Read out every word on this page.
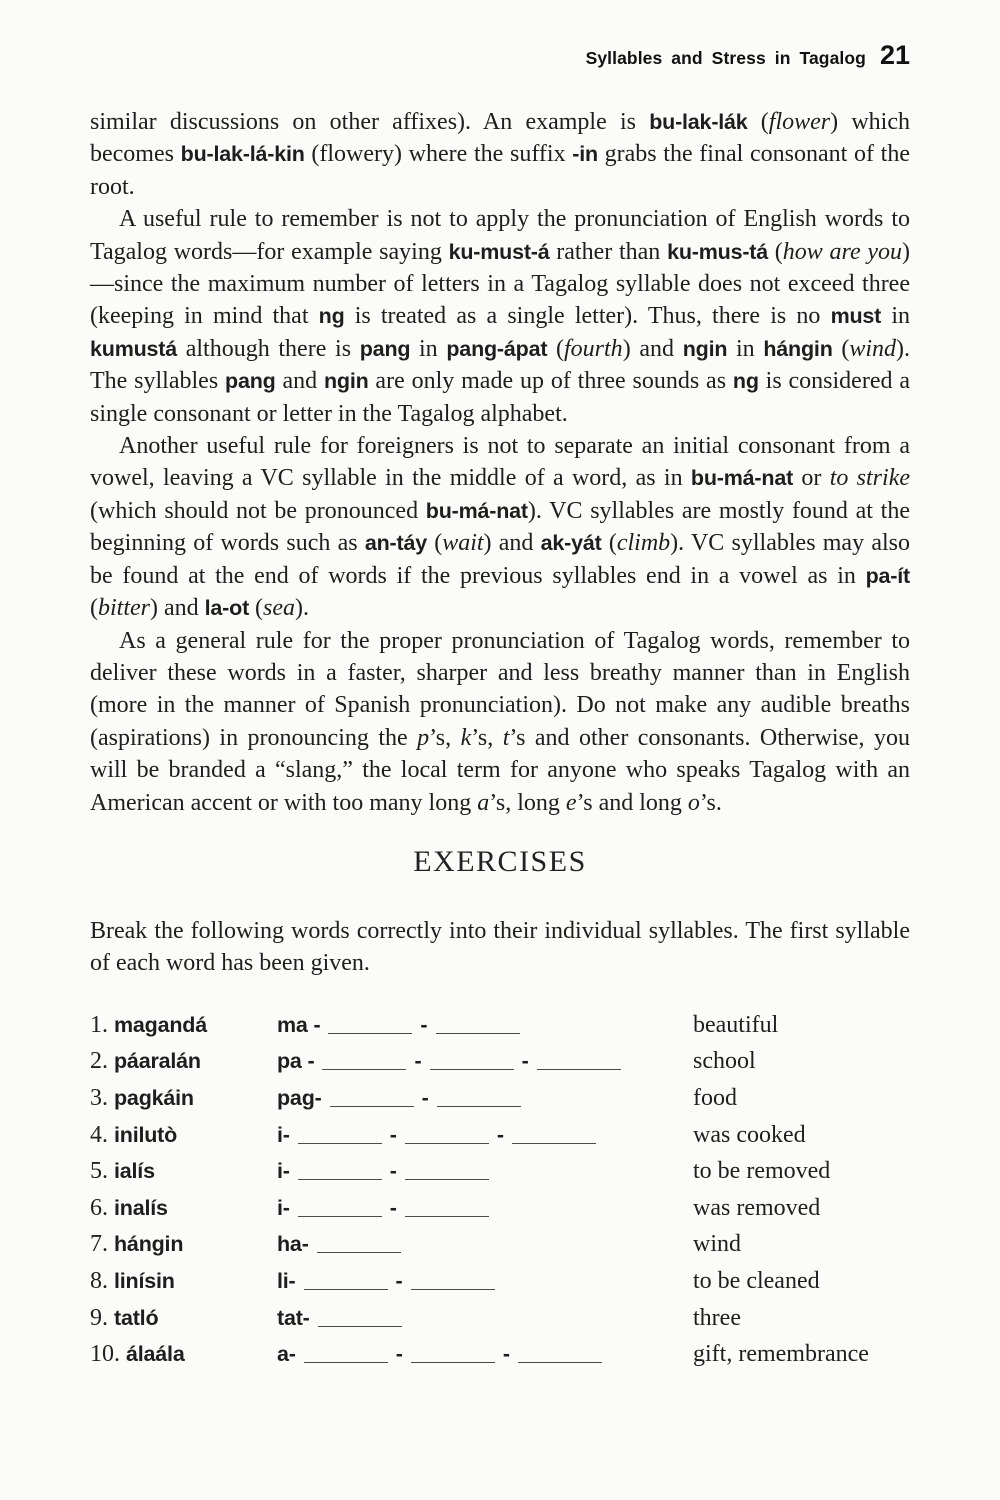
Syllables and Stress in Tagalog 21

similar discussions on other affixes). An example is bu-lak-lák (flower) which becomes bu-lak-lá-kin (flowery) where the suffix -in grabs the final consonant of the root.

A useful rule to remember is not to apply the pronunciation of English words to Tagalog words—for example saying ku-must-á rather than ku-mus-tá (how are you)—since the maximum number of letters in a Tagalog syllable does not exceed three (keeping in mind that ng is treated as a single letter). Thus, there is no must in kumustá although there is pang in pang-ápat (fourth) and ngin in hángin (wind). The syllables pang and ngin are only made up of three sounds as ng is considered a single consonant or letter in the Tagalog alphabet.

Another useful rule for foreigners is not to separate an initial consonant from a vowel, leaving a VC syllable in the middle of a word, as in bu-má-nat or to strike (which should not be pronounced bu-má-nat). VC syllables are mostly found at the beginning of words such as an-táy (wait) and ak-yát (climb). VC syllables may also be found at the end of words if the previous syllables end in a vowel as in pa-ít (bitter) and la-ot (sea).

As a general rule for the proper pronunciation of Tagalog words, remember to deliver these words in a faster, sharper and less breathy manner than in English (more in the manner of Spanish pronunciation). Do not make any audible breaths (aspirations) in pronouncing the p’s, k’s, t’s and other consonants. Otherwise, you will be branded a “slang,” the local term for anyone who speaks Tagalog with an American accent or with too many long a’s, long e’s and long o’s.

EXERCISES

Break the following words correctly into their individual syllables. The first syllable of each word has been given.

1. magandá	ma -	-	beautiful
2. páaralán	pa -	-	-	school
3. pagkáin	pag-	-	food
4. inilutò	i-	-	-	was cooked
5. ialís	i-	-	to be removed
6. inalís	i-	-	was removed
7. hángin	ha-	wind
8. linísin	li-	-	to be cleaned
9. tatló	tat-	three
10. álaála	a-	-	-	gift, remembrance
